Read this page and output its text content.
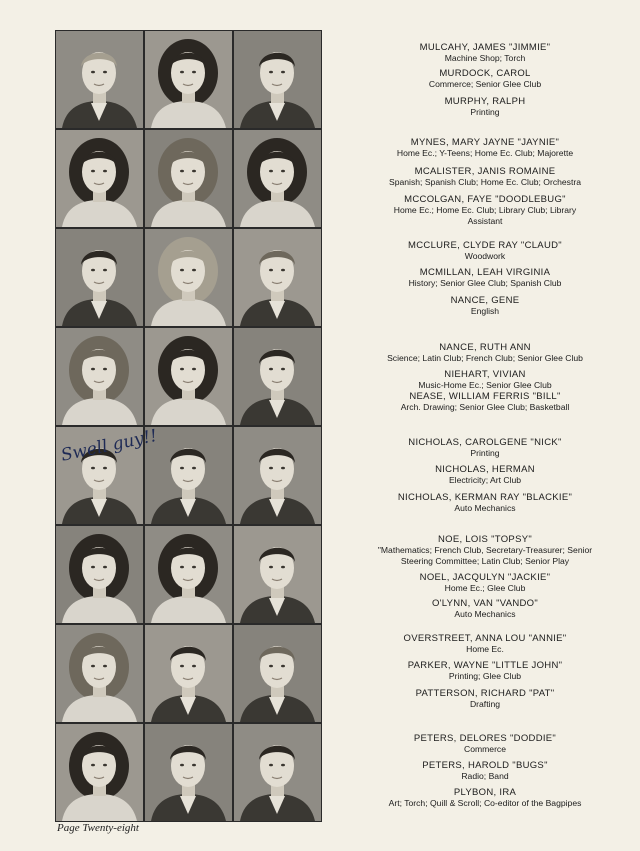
MULCAHY, JAMES "JIMMIE"
Machine Shop; Torch
MURDOCK, CAROL
Commerce; Senior Glee Club
MURPHY, RALPH
Printing
MYNES, MARY JAYNE "JAYNIE"
Home Ec.; Y-Teens; Home Ec. Club; Majorette
MCALISTER, JANIS ROMAINE
Spanish; Spanish Club; Home Ec. Club; Orchestra
MCCOLGAN, FAYE "DOODLEBUG"
Home Ec.; Home Ec. Club; Library Club; Library
Assistant
MCCLURE, CLYDE RAY "CLAUD"
Woodwork
MCMILLAN, LEAH VIRGINIA
History; Senior Glee Club; Spanish Club
NANCE, GENE
English
NANCE, RUTH ANN
Science; Latin Club; French Club; Senior Glee Club
NIEHART, VIVIAN
Music-Home Ec.; Senior Glee Club
NEASE, WILLIAM FERRIS "BILL"
Arch. Drawing; Senior Glee Club; Basketball
NICHOLAS, CAROLGENE "NICK"
Printing
NICHOLAS, HERMAN
Electricity; Art Club
NICHOLAS, KERMAN RAY "BLACKIE"
Auto Mechanics
NOE, LOIS "TOPSY"
"Mathematics; French Club, Secretary-Treasurer; Senior
Steering Committee; Latin Club; Senior Play
NOEL, JACQULYN "JACKIE"
Home Ec.; Glee Club
O'LYNN, VAN "VANDO"
Auto Mechanics
OVERSTREET, ANNA LOU "ANNIE"
Home Ec.
PARKER, WAYNE "LITTLE JOHN"
Printing; Glee Club
PATTERSON, RICHARD "PAT"
Drafting
PETERS, DELORES "DODDIE"
Commerce
PETERS, HAROLD "BUGS"
Radio; Band
PLYBON, IRA
Art; Torch; Quill & Scroll; Co-editor of the Bagpipes
Swell guy!!
Page Twenty-eight
